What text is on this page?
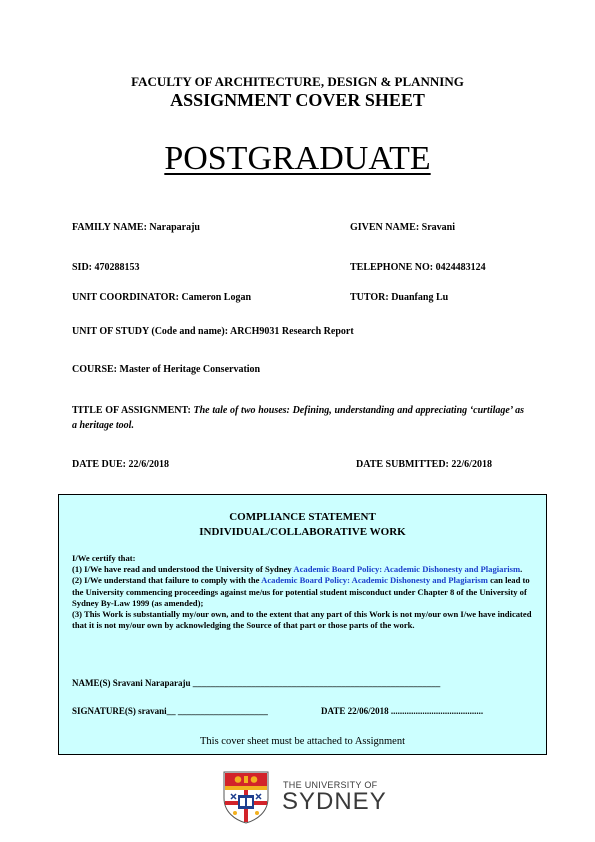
FACULTY OF ARCHITECTURE, DESIGN & PLANNING
ASSIGNMENT COVER SHEET
POSTGRADUATE
FAMILY NAME: Naraparaju	GIVEN NAME: Sravani
SID: 470288153	TELEPHONE NO: 0424483124
UNIT COORDINATOR: Cameron Logan	TUTOR: Duanfang Lu
UNIT OF STUDY (Code and name): ARCH9031 Research Report
COURSE: Master of Heritage Conservation
TITLE OF ASSIGNMENT: The tale of two houses: Defining, understanding and appreciating ‘curtilage’ as a heritage tool.
DATE DUE: 22/6/2018	DATE SUBMITTED: 22/6/2018
COMPLIANCE STATEMENT
INDIVIDUAL/COLLABORATIVE WORK
I/We certify that:
(1) I/We have read and understood the University of Sydney Academic Board Policy: Academic Dishonesty and Plagiarism.
(2) I/We understand that failure to comply with the Academic Board Policy: Academic Dishonesty and Plagiarism can lead to the University commencing proceedings against me/us for potential student misconduct under Chapter 8 of the University of Sydney By-Law 1999 (as amended);
(3) This Work is substantially my/our own, and to the extent that any part of this Work is not my/our own I/we have indicated that it is not my/our own by acknowledging the Source of that part or those parts of the work.
NAME(S) Sravani Naraparaju _______________________________________________________
SIGNATURE(S) sravani__ ____________________	DATE 22/06/2018 .........................................
This cover sheet must be attached to Assignment
THE UNIVERSITY OF
SYDNEY
